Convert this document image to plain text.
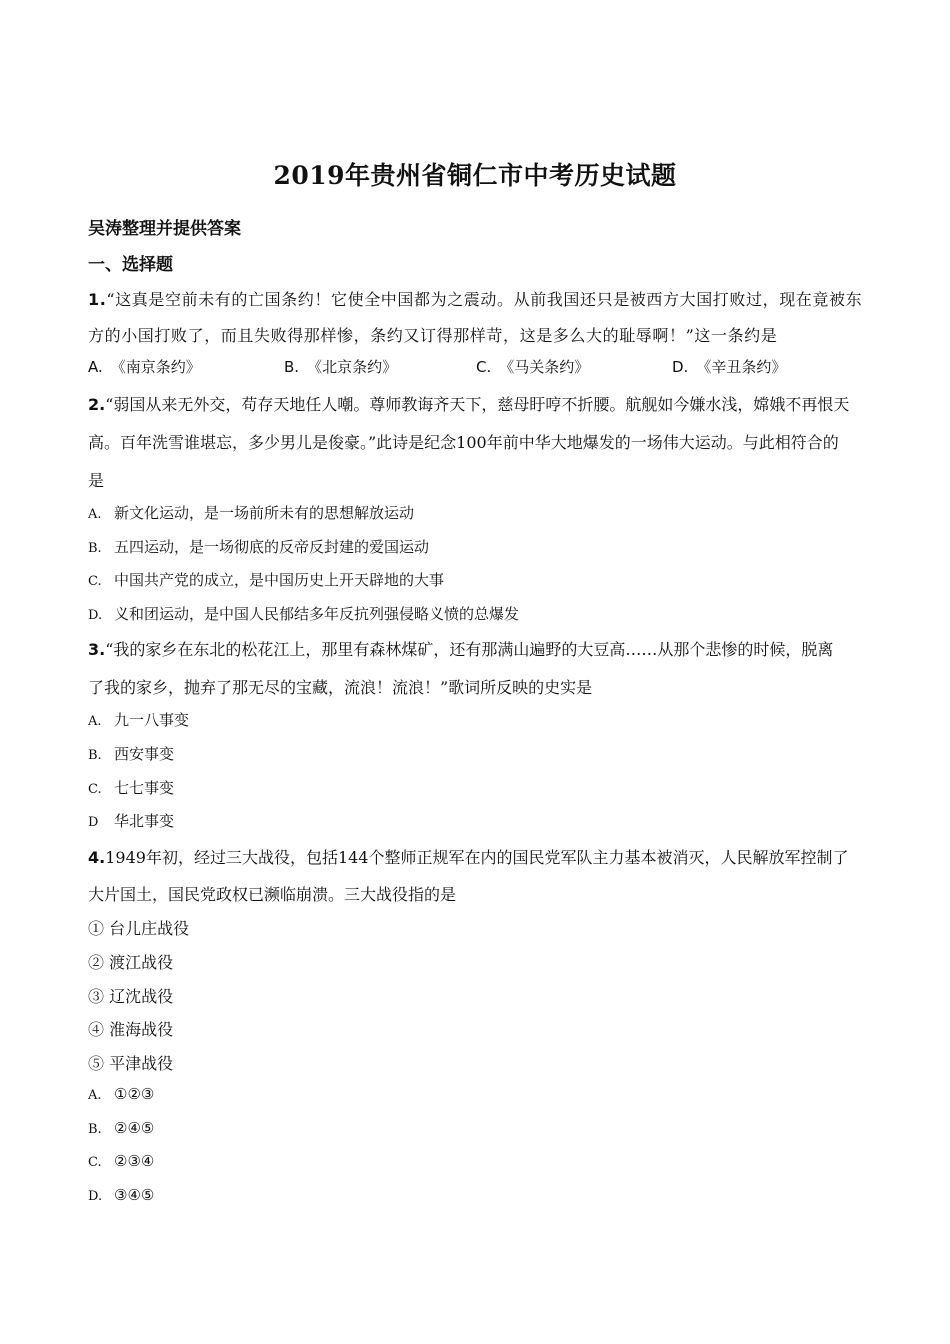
2019年贵州省铜仁市中考历史试题
吴涛整理并提供答案
一、选择题
1.“这真是空前未有的亡国条约！它使全中国都为之震动。从前我国还只是被西方大国打败过，现在竟被东
方的小国打败了，而且失败得那样惨，条约又订得那样苛，这是多么大的耻辱啊！”这一条约是
A. 《南京条约》	B. 《北京条约》	C. 《马关条约》	D. 《辛丑条约》
2.“弱国从来无外交，苟存天地任人嘲。尊师教诲齐天下，慈母盱哼不折腰。航舰如今嫌水浅，嫦娥不再恨天
高。百年洗雪谁堪忘，多少男儿是俊豪。”此诗是纪念100年前中华大地爆发的一场伟大运动。与此相符合的
是
A. 新文化运动，是一场前所未有的思想解放运动
B. 五四运动，是一场彻底的反帝反封建的爱国运动
C. 中国共产党的成立，是中国历史上开天辟地的大事
D. 义和团运动，是中国人民郁结多年反抗列强侵略义愤的总爆发
3.“我的家乡在东北的松花江上，那里有森林煤矿，还有那满山遍野的大豆高……从那个悲惨的时候，脱离
了我的家乡，抛弃了那无尽的宝藏，流浪！流浪！”歌词所反映的史实是
A. 九一八事变
B. 西安事变
C. 七七事变
D 华北事变
4.1949年初，经过三大战役，包括144个整师正规军在内的国民党军队主力基本被消灭，人民解放军控制了
大片国土，国民党政权已濒临崩溃。三大战役指的是
① 台儿庄战役
② 渡江战役
③ 辽沈战役
④ 淮海战役
⑤ 平津战役
A. ①②③
B. ②④⑤
C. ②③④
D. ③④⑤
